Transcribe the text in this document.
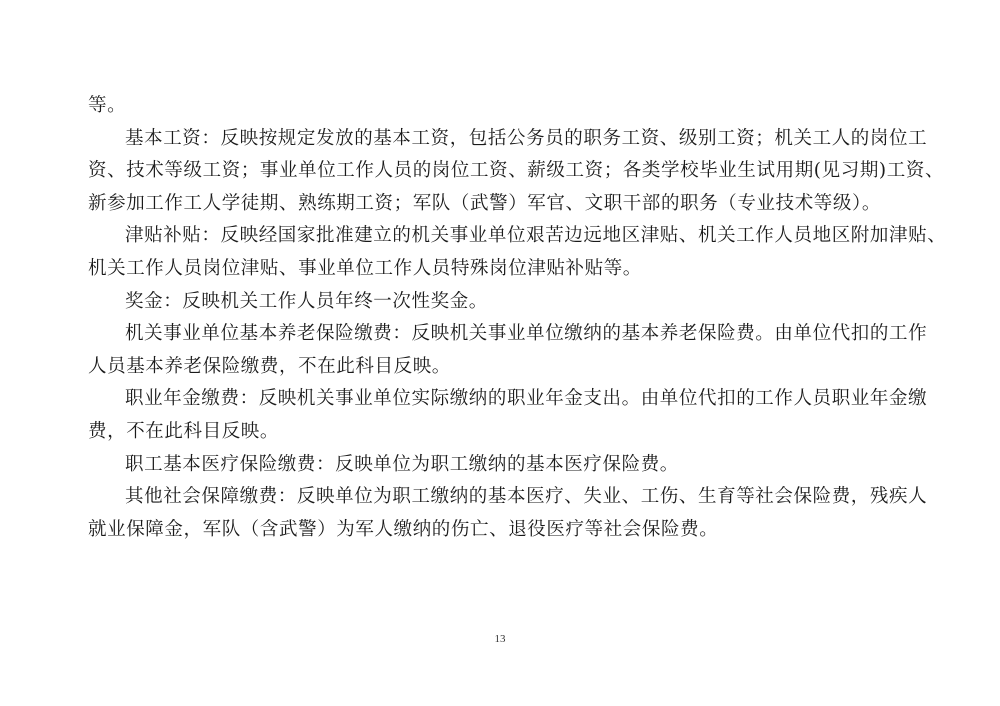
等。
基本工资：反映按规定发放的基本工资，包括公务员的职务工资、级别工资；机关工人的岗位工
资、技术等级工资；事业单位工作人员的岗位工资、薪级工资；各类学校毕业生试用期(见习期)工资、
新参加工作工人学徒期、熟练期工资；军队（武警）军官、文职干部的职务（专业技术等级）。
津贴补贴：反映经国家批准建立的机关事业单位艰苦边远地区津贴、机关工作人员地区附加津贴、
机关工作人员岗位津贴、事业单位工作人员特殊岗位津贴补贴等。
奖金：反映机关工作人员年终一次性奖金。
机关事业单位基本养老保险缴费：反映机关事业单位缴纳的基本养老保险费。由单位代扣的工作
人员基本养老保险缴费，不在此科目反映。
职业年金缴费：反映机关事业单位实际缴纳的职业年金支出。由单位代扣的工作人员职业年金缴
费，不在此科目反映。
职工基本医疗保险缴费：反映单位为职工缴纳的基本医疗保险费。
其他社会保障缴费：反映单位为职工缴纳的基本医疗、失业、工伤、生育等社会保险费，残疾人
就业保障金，军队（含武警）为军人缴纳的伤亡、退役医疗等社会保险费。
13
